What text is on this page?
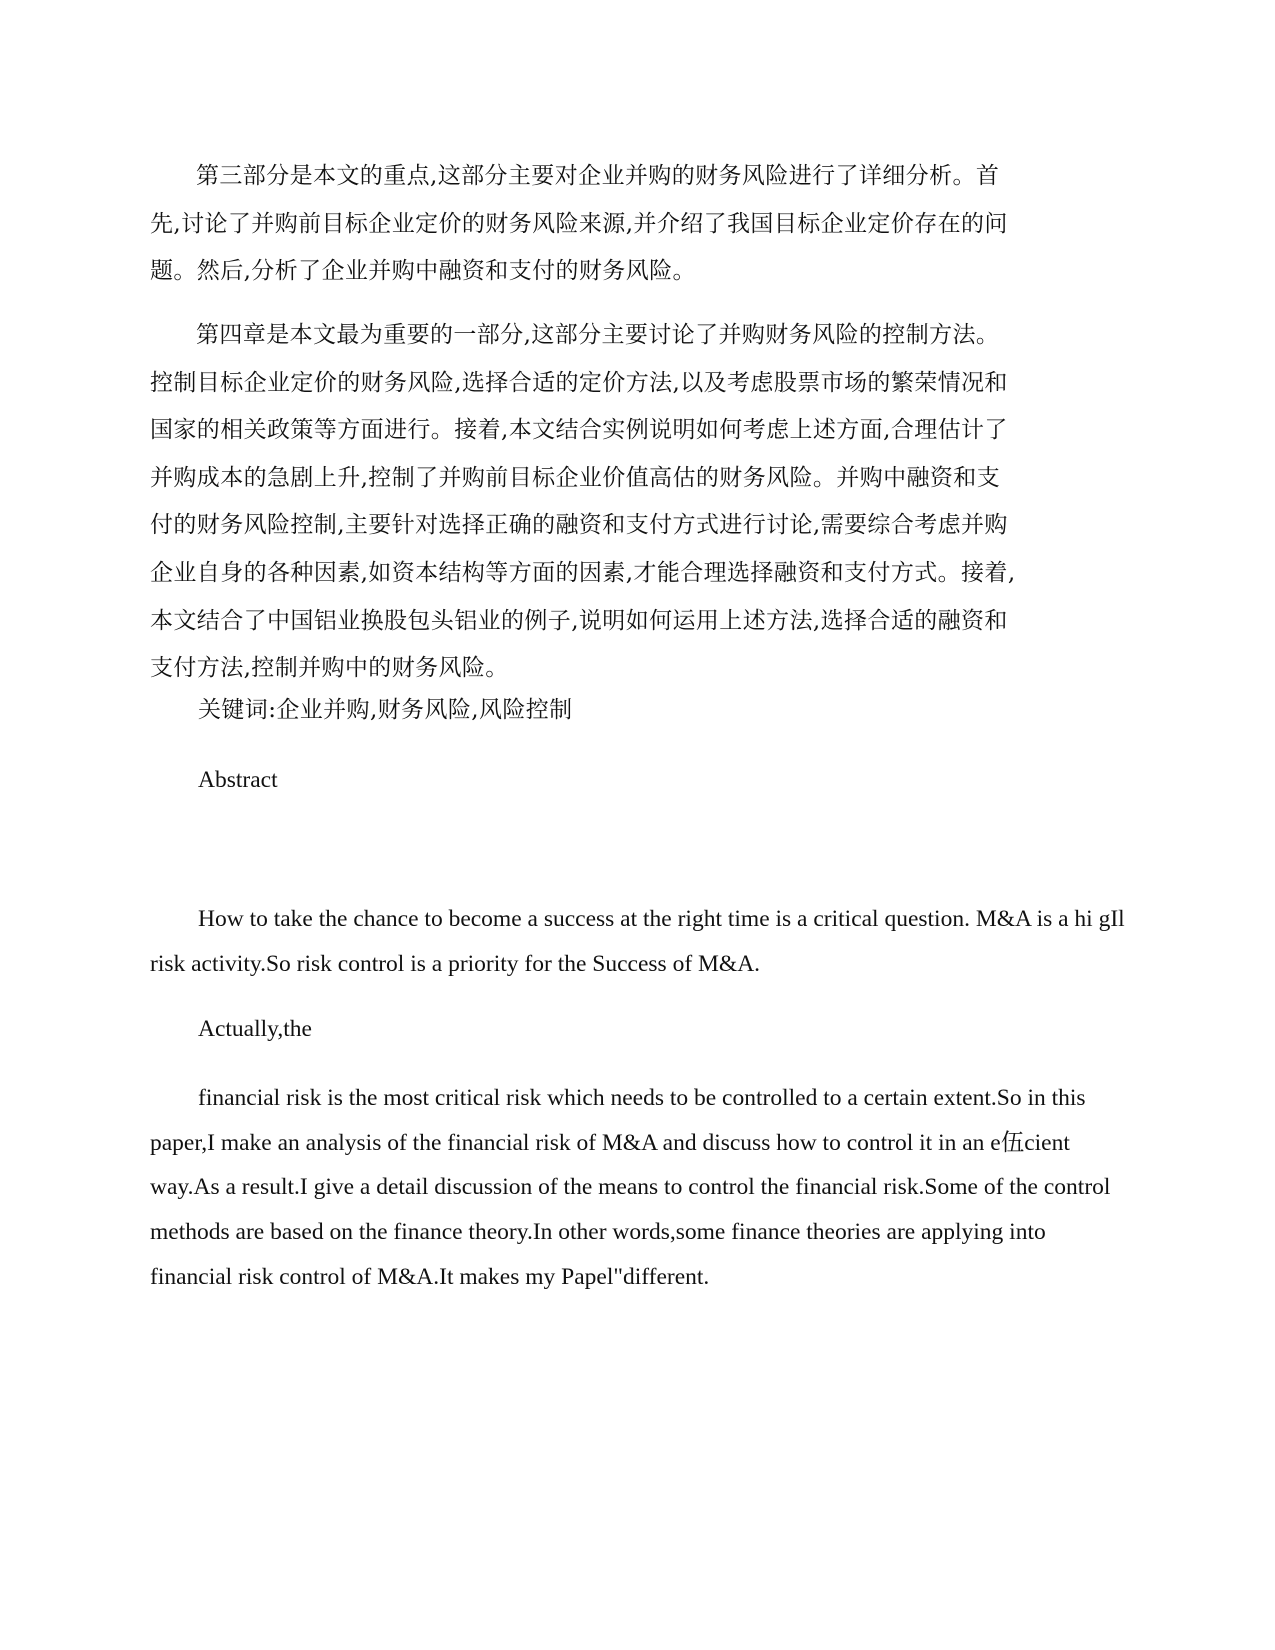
第三部分是本文的重点,这部分主要对企业并购的财务风险进行了详细分析。首先,讨论了并购前目标企业定价的财务风险来源,并介绍了我国目标企业定价存在的问题。然后,分析了企业并购中融资和支付的财务风险。

第四章是本文最为重要的一部分,这部分主要讨论了并购财务风险的控制方法。控制目标企业定价的财务风险,选择合适的定价方法,以及考虑股票市场的繁荣情况和国家的相关政策等方面进行。接着,本文结合实例说明如何考虑上述方面,合理估计了并购成本的急剧上升,控制了并购前目标企业价值高估的财务风险。并购中融资和支付的财务风险控制,主要针对选择正确的融资和支付方式进行讨论,需要综合考虑并购企业自身的各种因素,如资本结构等方面的因素,才能合理选择融资和支付方式。接着,本文结合了中国铝业换股包头铝业的例子,说明如何运用上述方法,选择合适的融资和支付方法,控制并购中的财务风险。

关键词:企业并购,财务风险,风险控制

Abstract

How to take the chance to become a success at the right time is a critical question. M&A is a hi gIl risk activity.So risk control is a priority for the Success of M&A.

Actually,the

financial risk is the most critical risk which needs to be controlled to a certain extent.So in this paper,I make an analysis of the financial risk of M&A and discuss how to control it in an e伍cient way.As a result.I give a detail discussion of the means to control the financial risk.Some of the control methods are based on the finance theory.In other words,some finance theories are applying into financial risk control of M&A.It makes my Papel"different.
